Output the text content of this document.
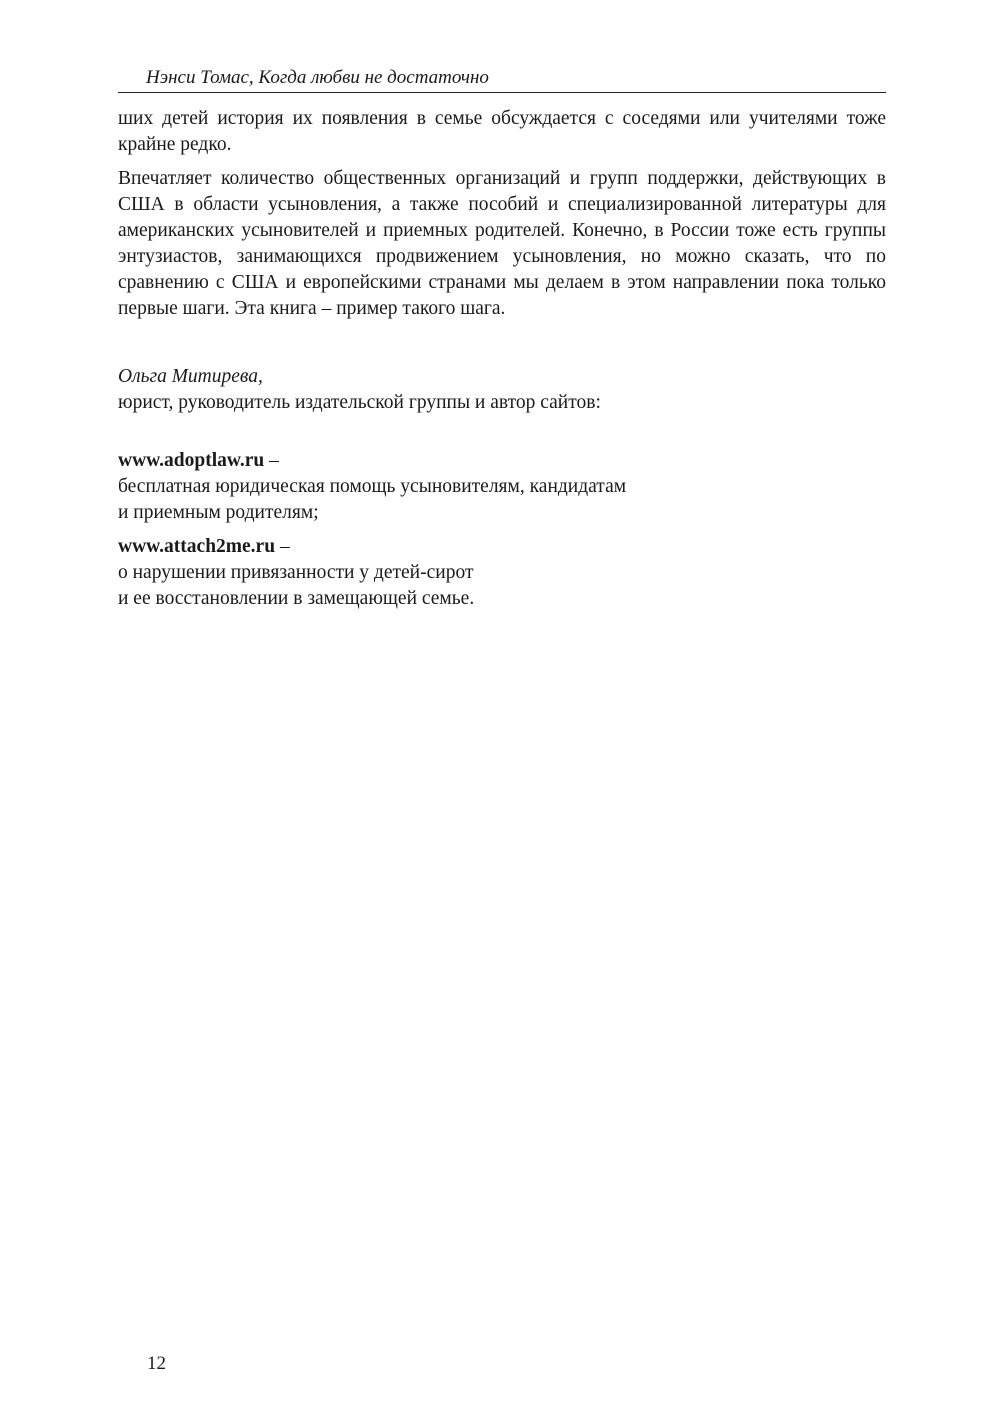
Нэнси Томас, Когда любви не достаточно

ших детей история их появления в семье обсуждается с соседями или учителями тоже крайне редко.

Впечатляет количество общественных организаций и групп поддержки, действующих в США в области усыновления, а также пособий и специализированной литературы для американских усыновителей и приемных родителей. Конечно, в России тоже есть группы энтузиастов, занимающихся продвижением усыновления, но можно сказать, что по сравнению с США и европейскими странами мы делаем в этом направлении пока только первые шаги. Эта книга – пример такого шага.

Ольга Митирева,
юрист, руководитель издательской группы и автор сайтов:
www.adoptlaw.ru –
бесплатная юридическая помощь усыновителям, кандидатам
и приемным родителям;
www.attach2me.ru –
о нарушении привязанности у детей-сирот
и ее восстановлении в замещающей семье.
12
